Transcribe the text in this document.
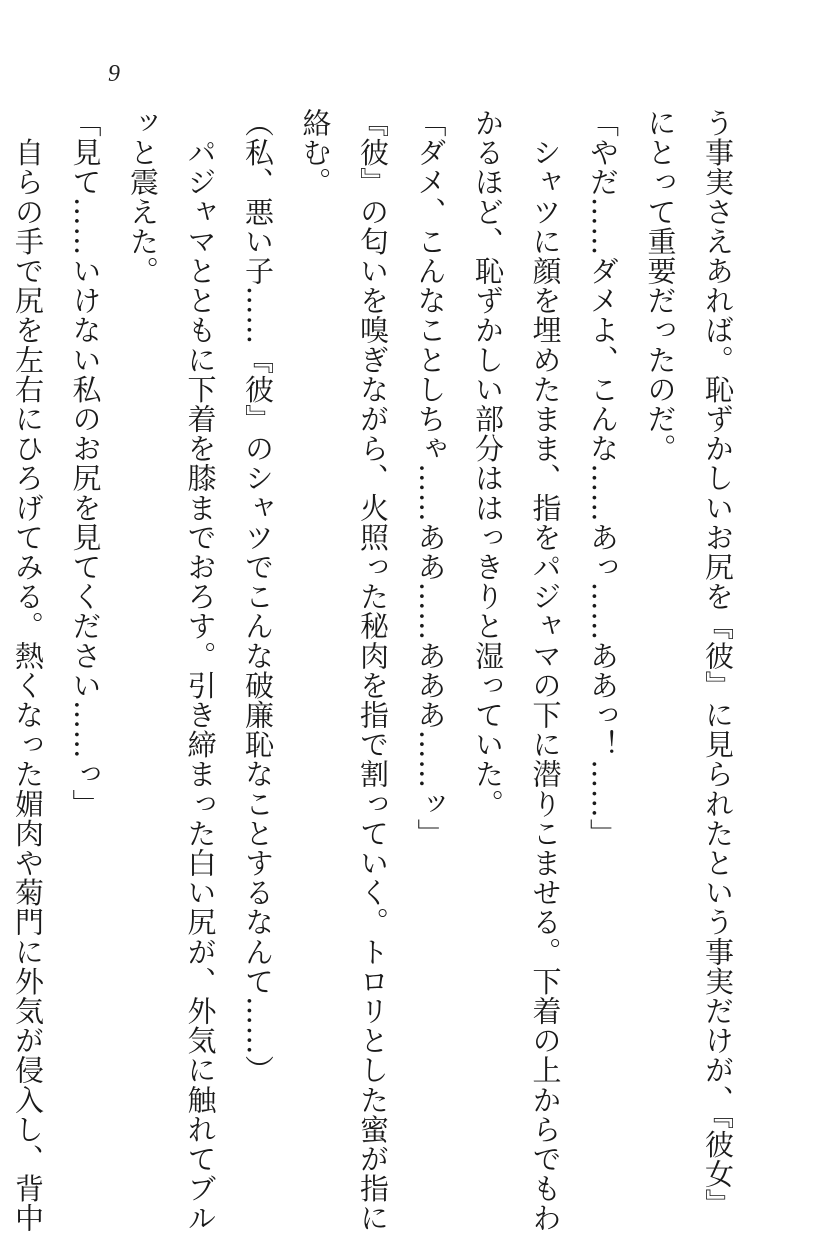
9
う事実さえあれば。恥ずかしいお尻を『彼』に見られたという事実だけが、『彼女』
にとって重要だったのだ。
「やだ……ダメよ、こんな……あっ……ああっ！……」
　シャツに顔を埋めたまま、指をパジャマの下に潜りこませる。下着の上からでもわ
かるほど、恥ずかしい部分ははっきりと湿っていた。
「ダメ、こんなことしちゃ……ああ……あああ……ッ」
『彼』の匂いを嗅ぎながら、火照った秘肉を指で割っていく。トロリとした蜜が指に
絡む。
（私、悪い子……『彼』のシャツでこんな破廉恥なことするなんて……）
　パジャマとともに下着を膝までおろす。引き締まった白い尻が、外気に触れてブル
ッと震えた。
「見て……いけない私のお尻を見てください……っ」
　自らの手で尻を左右にひろげてみる。熱くなった媚肉や菊門に外気が侵入し、背中
